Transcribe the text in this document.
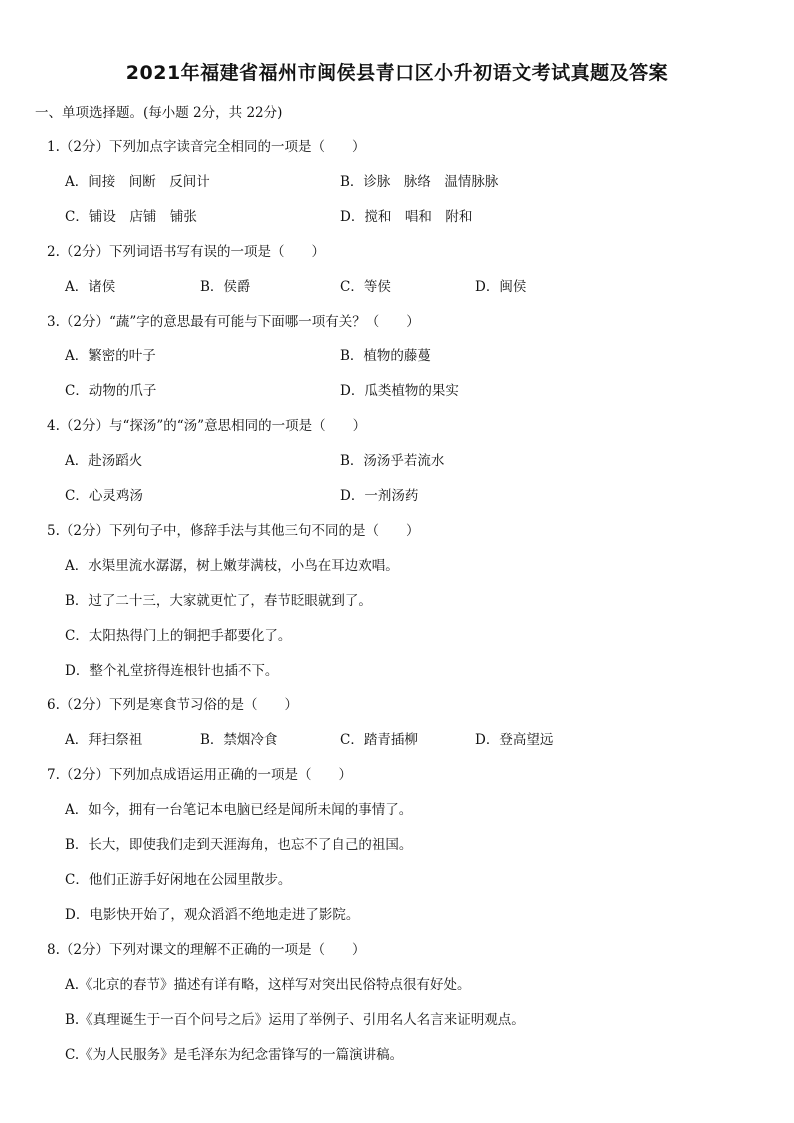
2021年福建省福州市闽侯县青口区小升初语文考试真题及答案
一、单项选择题。(每小题 2分，共 22分)
1.（2分）下列加点字读音完全相同的一项是（　　）
A．间接　间断　反间计	B．诊脉　脉络　温情脉脉
C．铺设　店铺　铺张	D．搅和　唱和　附和
2.（2分）下列词语书写有误的一项是（　　）
A．诸侯	B．侯爵	C．等侯	D．闽侯
3.（2分）“蔬”字的意思最有可能与下面哪一项有关？（　　）
A．繁密的叶子	B．植物的藤蔓
C．动物的爪子	D．瓜类植物的果实
4.（2分）与“探汤”的“汤”意思相同的一项是（　　）
A．赴汤蹈火	B．汤汤乎若流水
C．心灵鸡汤	D．一剂汤药
5.（2分）下列句子中，修辞手法与其他三句不同的是（　　）
A．水渠里流水潺潺，树上嫩芽满枝，小鸟在耳边欢唱。
B．过了二十三，大家就更忙了，春节眨眼就到了。
C．太阳热得门上的铜把手都要化了。
D．整个礼堂挤得连根针也插不下。
6.（2分）下列是寒食节习俗的是（　　）
A．拜扫祭祖	B．禁烟冷食	C．踏青插柳	D．登高望远
7.（2分）下列加点成语运用正确的一项是（　　）
A．如今，拥有一台笔记本电脑已经是闻所未闻的事情了。
B．长大，即使我们走到天涯海角，也忘不了自己的祖国。
C．他们正游手好闲地在公园里散步。
D．电影快开始了，观众滔滔不绝地走进了影院。
8.（2分）下列对课文的理解不正确的一项是（　　）
A.《北京的春节》描述有详有略，这样写对突出民俗特点很有好处。
B.《真理诞生于一百个问号之后》运用了举例子、引用名人名言来证明观点。
C.《为人民服务》是毛泽东为纪念雷锋写的一篇演讲稿。
